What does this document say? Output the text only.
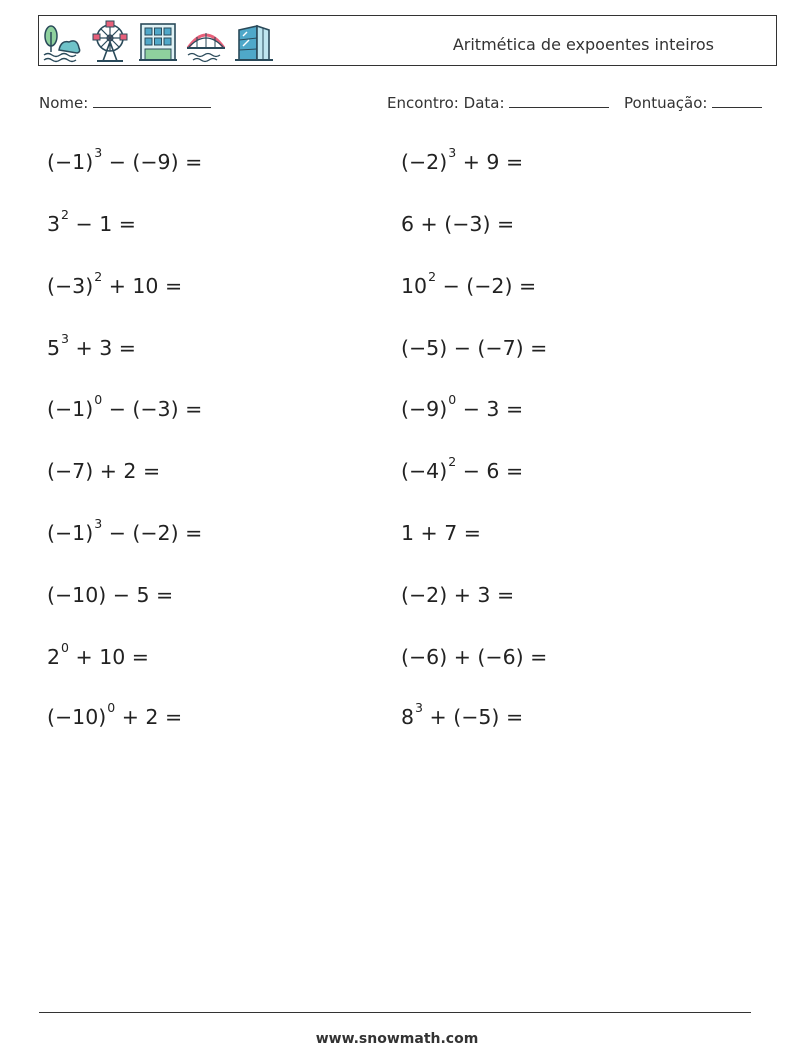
Aritmética de expoentes inteiros
Nome:	Encontro: Data:	Pontuação:
$(-1)^3 - (-9)$ =
$3^2 - 1$ =
$(-3)^2 + 10$ =
$5^3 + 3$ =
$(-1)^0 - (-3)$ =
(−7) + 2 =
$(-1)^3 - (-2)$ =
(−10) − 5 =
$2^0 + 10$ =
$(-10)^0 + 2$ =
$(-2)^3 + 9$ =
6 + (−3) =
$10^2 - (-2)$ =
(−5) − (−7) =
$(-9)^0 - 3$ =
$(-4)^2 - 6$ =
1 + 7 =
(−2) + 3 =
(−6) + (−6) =
$8^3 + (-5)$ =
www.snowmath.com
